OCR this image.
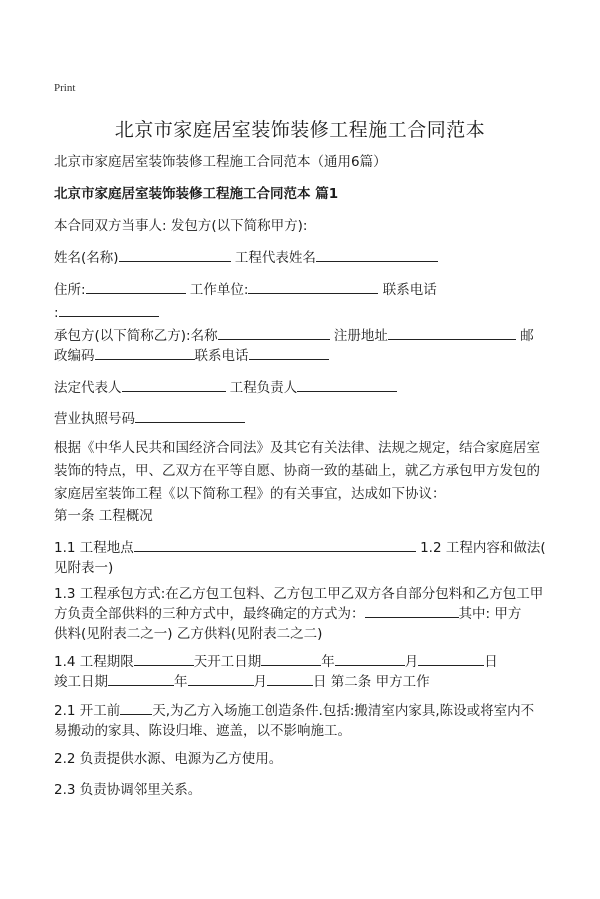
Print
北京市家庭居室装饰装修工程施工合同范本

北京市家庭居室装饰装修工程施工合同范本（通用6篇）

北京市家庭居室装饰装修工程施工合同范本 篇1

本合同双方当事人: 发包方(以下简称甲方):

姓名(名称)	工程代表姓名

住所:	工作单位:	联系电话

:

承包方(以下简称乙方):名称	注册地址	邮

政编码	联系电话

法定代表人	工程负责人

营业执照号码

根据《中华人民共和国经济合同法》及其它有关法律、法规之规定，结合家庭居室装饰的特点，甲、乙双方在平等自愿、协商一致的基础上，就乙方承包甲方发包的家庭居室装饰工程《以下简称工程》的有关事宜，达成如下协议：

第一条 工程概况

1.1 工程地点	1.2 工程内容和做法(

见附表一)

1.3 工程承包方式:在乙方包工包料、乙方包工甲乙双方各自部分包料和乙方包工甲

方负责全部供料的三种方式中，最终确定的方式为：	其中: 甲方

供料(见附表二之一) 乙方供料(见附表二之二)

1.4 工程期限	天开工日期	年	月	日

竣工日期	年	月	日 第二条 甲方工作

2.1 开工前 天,为乙方入场施工创造条件.包括:搬清室内家具,陈设或将室内不

易搬动的家具、陈设归堆、遮盖，以不影响施工。

2.2 负责提供水源、电源为乙方使用。

2.3 负责协调邻里关系。
